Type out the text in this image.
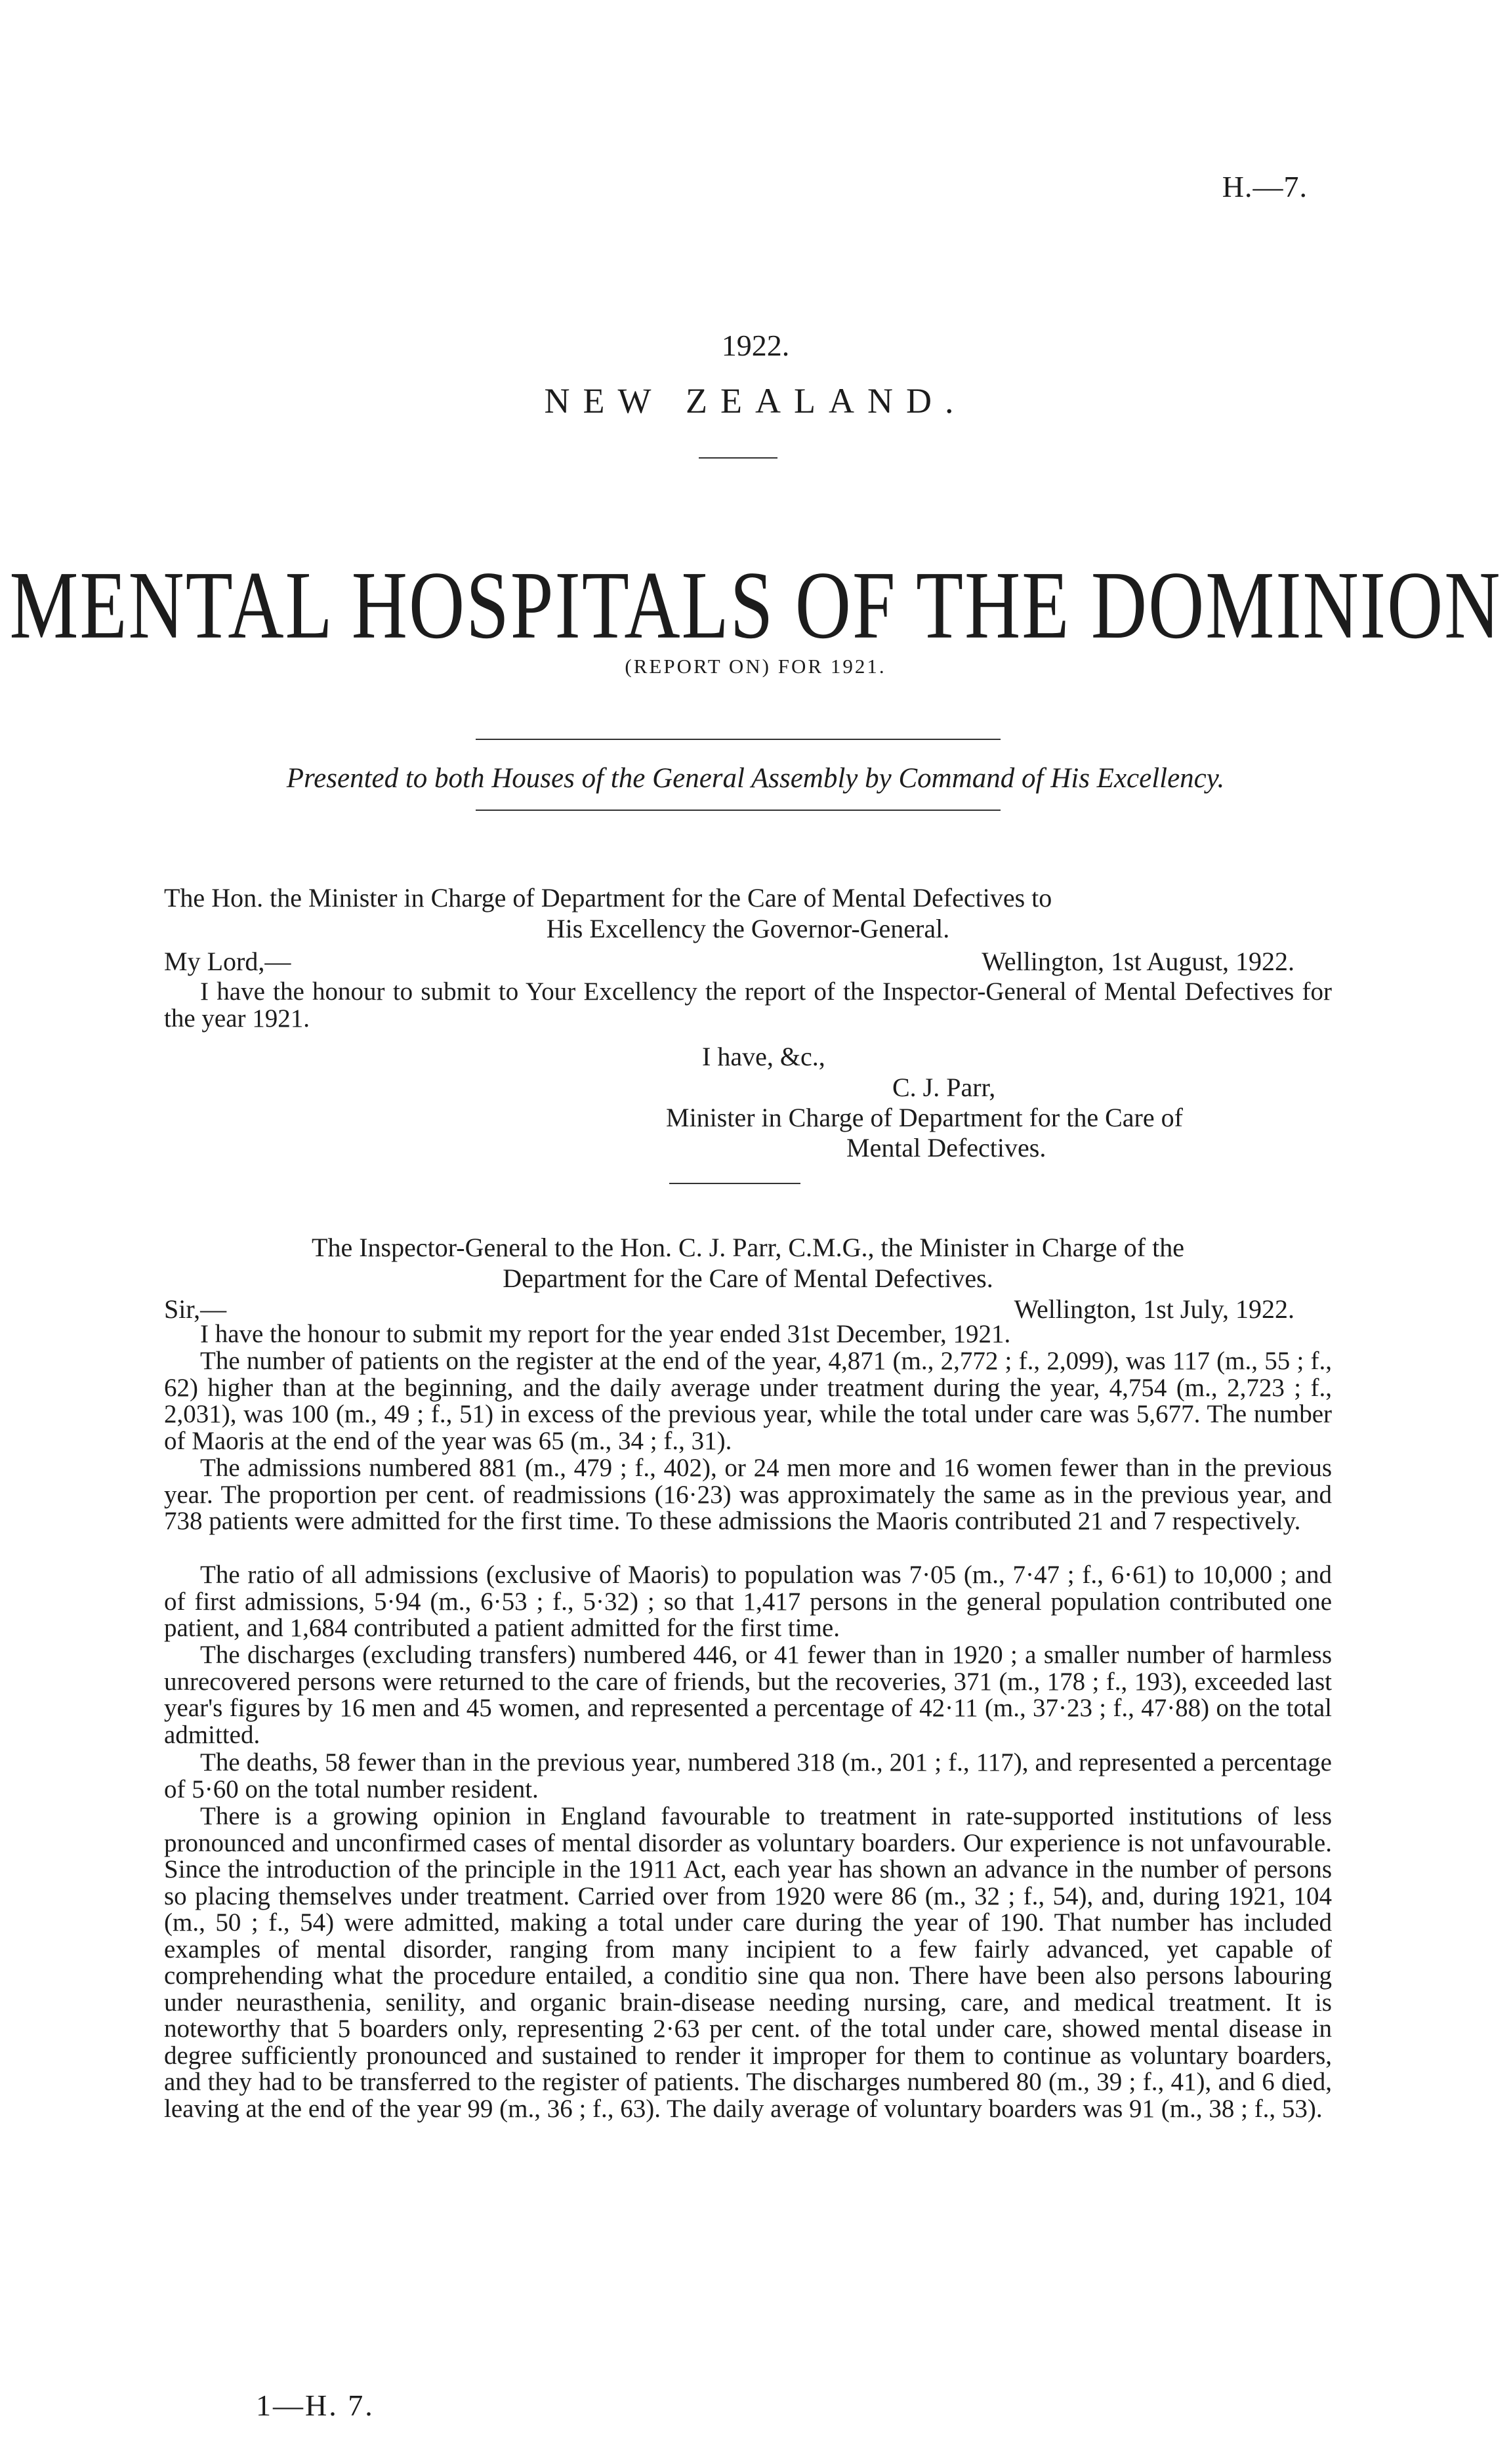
H.—7.
1922.
NEW ZEALAND.
MENTAL HOSPITALS OF THE DOMINION
(REPORT ON) FOR 1921.
Presented to both Houses of the General Assembly by Command of His Excellency.
The Hon. the Minister in Charge of Department for the Care of Mental Defectives to
His Excellency the Governor-General.
My Lord,—	Wellington, 1st August, 1922.
I have the honour to submit to Your Excellency the report of the Inspector-General of Mental Defectives for the year 1921.
I have, &c.,
C. J. Parr,
Minister in Charge of Department for the Care of
Mental Defectives.
The Inspector-General to the Hon. C. J. Parr, C.M.G., the Minister in Charge of the
Department for the Care of Mental Defectives.
Sir,—	Wellington, 1st July, 1922.
I have the honour to submit my report for the year ended 31st December, 1921.
The number of patients on the register at the end of the year, 4,871 (m., 2,772 ; f., 2,099), was 117 (m., 55 ; f., 62) higher than at the beginning, and the daily average under treatment during the year, 4,754 (m., 2,723 ; f., 2,031), was 100 (m., 49 ; f., 51) in excess of the previous year, while the total under care was 5,677. The number of Maoris at the end of the year was 65 (m., 34 ; f., 31).
The admissions numbered 881 (m., 479 ; f., 402), or 24 men more and 16 women fewer than in the previous year. The proportion per cent. of readmissions (16·23) was approximately the same as in the previous year, and 738 patients were admitted for the first time. To these admissions the Maoris contributed 21 and 7 respectively.
The ratio of all admissions (exclusive of Maoris) to population was 7·05 (m., 7·47 ; f., 6·61) to 10,000 ; and of first admissions, 5·94 (m., 6·53 ; f., 5·32) ; so that 1,417 persons in the general population contributed one patient, and 1,684 contributed a patient admitted for the first time.
The discharges (excluding transfers) numbered 446, or 41 fewer than in 1920 ; a smaller number of harmless unrecovered persons were returned to the care of friends, but the recoveries, 371 (m., 178 ; f., 193), exceeded last year's figures by 16 men and 45 women, and represented a percentage of 42·11 (m., 37·23 ; f., 47·88) on the total admitted.
The deaths, 58 fewer than in the previous year, numbered 318 (m., 201 ; f., 117), and represented a percentage of 5·60 on the total number resident.
There is a growing opinion in England favourable to treatment in rate-supported institutions of less pronounced and unconfirmed cases of mental disorder as voluntary boarders. Our experience is not unfavourable. Since the introduction of the principle in the 1911 Act, each year has shown an advance in the number of persons so placing themselves under treatment. Carried over from 1920 were 86 (m., 32 ; f., 54), and, during 1921, 104 (m., 50 ; f., 54) were admitted, making a total under care during the year of 190. That number has included examples of mental disorder, ranging from many incipient to a few fairly advanced, yet capable of comprehending what the procedure entailed, a conditio sine qua non. There have been also persons labouring under neurasthenia, senility, and organic brain-disease needing nursing, care, and medical treatment. It is noteworthy that 5 boarders only, representing 2·63 per cent. of the total under care, showed mental disease in degree sufficiently pronounced and sustained to render it improper for them to continue as voluntary boarders, and they had to be transferred to the register of patients. The discharges numbered 80 (m., 39 ; f., 41), and 6 died, leaving at the end of the year 99 (m., 36 ; f., 63). The daily average of voluntary boarders was 91 (m., 38 ; f., 53).
1—H. 7.
